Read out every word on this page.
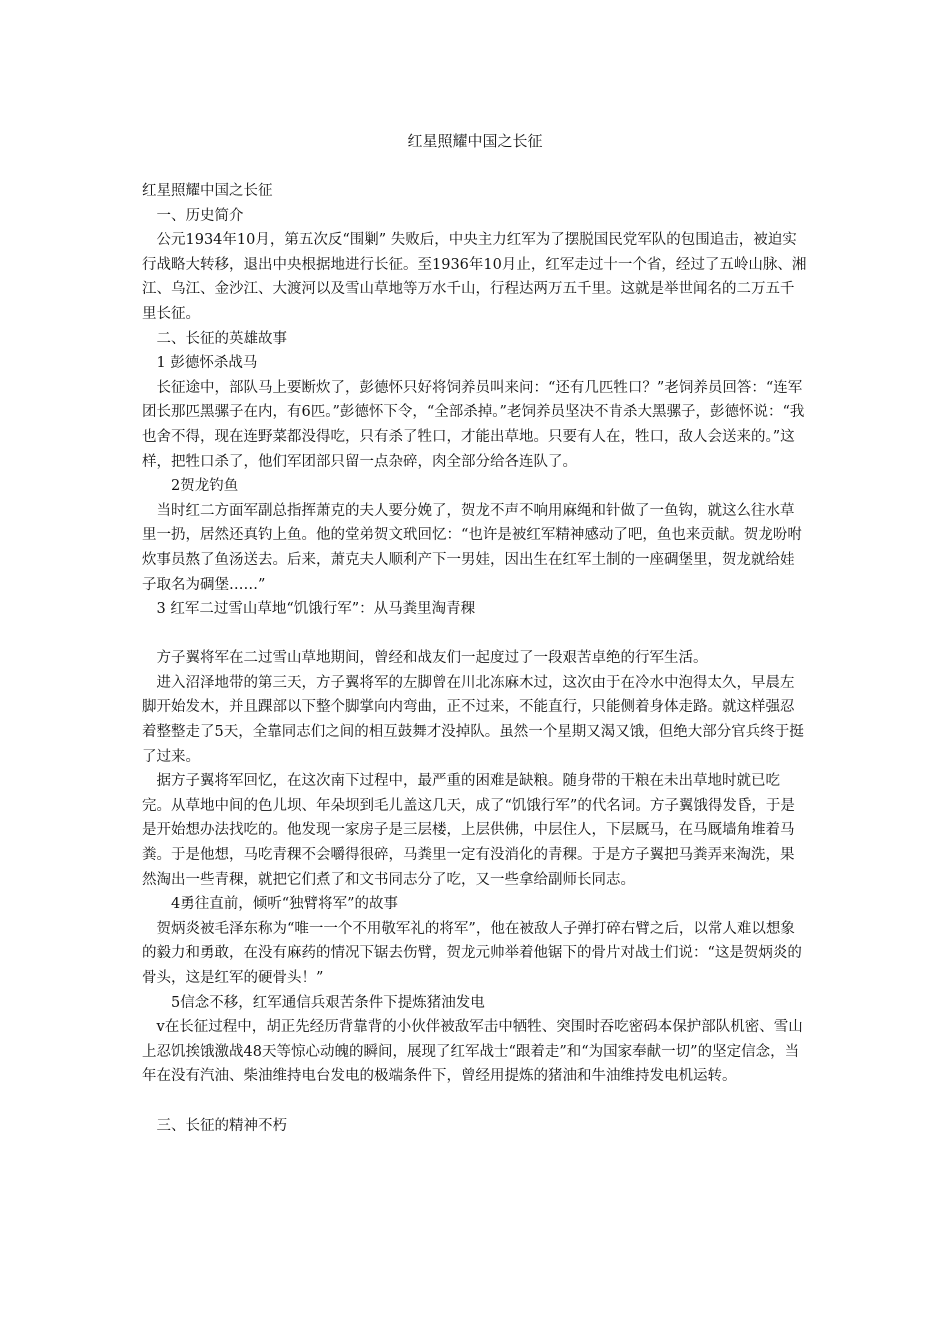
红星照耀中国之长征

红星照耀中国之长征

一、历史简介

公元1934年10月，第五次反“围剿” 失败后，中央主力红军为了摆脱国民党军队的包围追击，被迫实行战略大转移，退出中央根据地进行长征。至1936年10月止，红军走过十一个省，经过了五岭山脉、湘江、乌江、金沙江、大渡河以及雪山草地等万水千山，行程达两万五千里。这就是举世闻名的二万五千里长征。

二、长征的英雄故事

1 彭德怀杀战马

长征途中，部队马上要断炊了，彭德怀只好将饲养员叫来问：“还有几匹牲口？”老饲养员回答：“连军团长那匹黑骡子在内，有6匹。”彭德怀下令，“全部杀掉。”老饲养员坚决不肯杀大黑骡子，彭德怀说：“我也舍不得，现在连野菜都没得吃，只有杀了牲口，才能出草地。只要有人在，牲口，敌人会送来的。”这样，把牲口杀了，他们军团部只留一点杂碎，肉全部分给各连队了。

2贺龙钓鱼

当时红二方面军副总指挥萧克的夫人要分娩了，贺龙不声不响用麻绳和针做了一鱼钩，就这么往水草里一扔，居然还真钓上鱼。他的堂弟贺文玳回忆：“也许是被红军精神感动了吧，鱼也来贡献。贺龙吩咐炊事员熬了鱼汤送去。后来，萧克夫人顺利产下一男娃，因出生在红军土制的一座碉堡里，贺龙就给娃子取名为碉堡……”

3 红军二过雪山草地“饥饿行军”：从马粪里淘青稞

方子翼将军在二过雪山草地期间，曾经和战友们一起度过了一段艰苦卓绝的行军生活。

进入沼泽地带的第三天，方子翼将军的左脚曾在川北冻麻木过，这次由于在冷水中泡得太久，早晨左脚开始发木，并且踝部以下整个脚掌向内弯曲，正不过来，不能直行，只能侧着身体走路。就这样强忍着整整走了5天，全靠同志们之间的相互鼓舞才没掉队。虽然一个星期又渴又饿，但绝大部分官兵终于挺了过来。

据方子翼将军回忆，在这次南下过程中，最严重的困难是缺粮。随身带的干粮在未出草地时就已吃完。从草地中间的色儿坝、年朵坝到毛儿盖这几天，成了“饥饿行军”的代名词。方子翼饿得发昏，于是是开始想办法找吃的。他发现一家房子是三层楼，上层供佛，中层住人，下层厩马，在马厩墙角堆着马粪。于是他想，马吃青稞不会嚼得很碎，马粪里一定有没消化的青稞。于是方子翼把马粪弄来淘洗，果然淘出一些青稞，就把它们煮了和文书同志分了吃，又一些拿给副师长同志。

4勇往直前，倾听“独臂将军”的故事

贺炳炎被毛泽东称为“唯一一个不用敬军礼的将军”，他在被敌人子弹打碎右臂之后，以常人难以想象的毅力和勇敢，在没有麻药的情况下锯去伤臂，贺龙元帅举着他锯下的骨片对战士们说：“这是贺炳炎的骨头，这是红军的硬骨头！”

5信念不移，红军通信兵艰苦条件下提炼猪油发电

v在长征过程中，胡正先经历背靠背的小伙伴被敌军击中牺牲、突围时吞吃密码本保护部队机密、雪山上忍饥挨饿激战48天等惊心动魄的瞬间，展现了红军战士“跟着走”和“为国家奉献一切”的坚定信念，当年在没有汽油、柴油维持电台发电的极端条件下，曾经用提炼的猪油和牛油维持发电机运转。

三、长征的精神不朽
